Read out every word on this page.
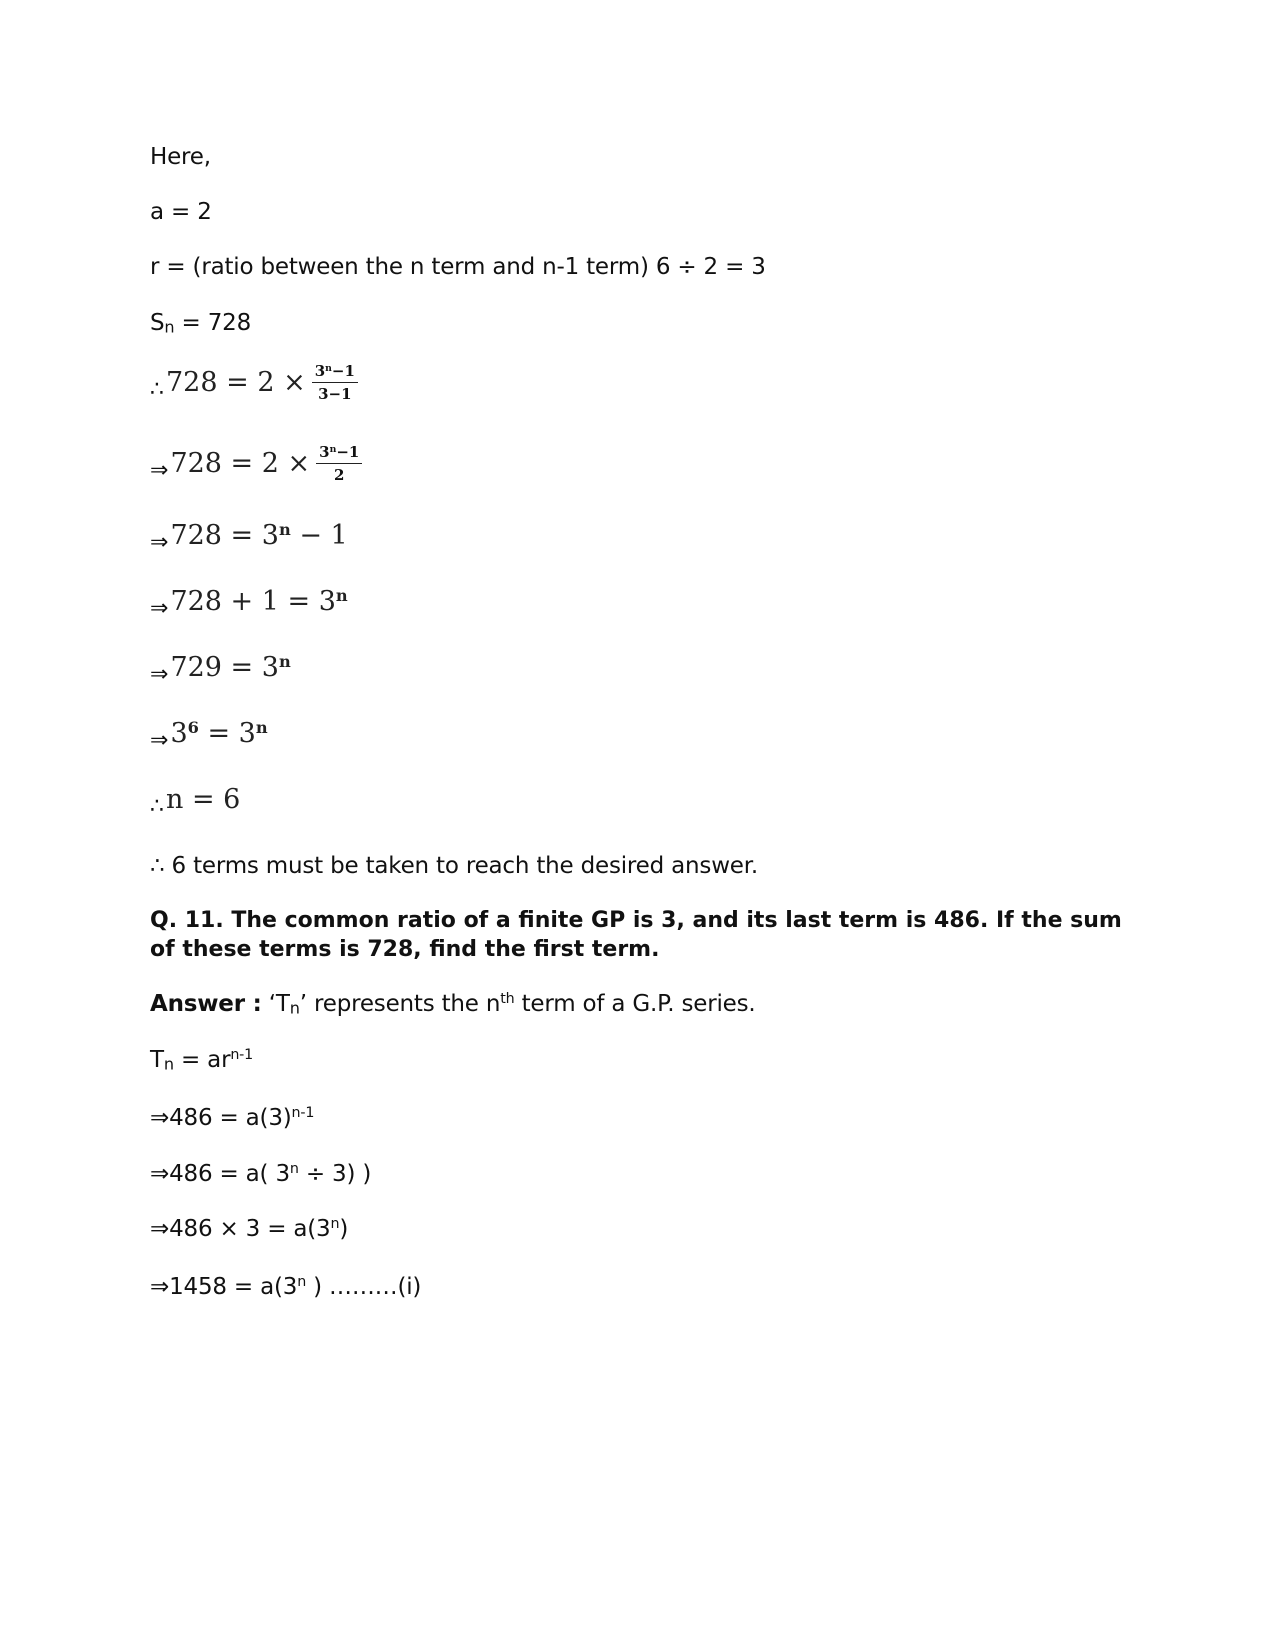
Here,
a = 2
r = (ratio between the n term and n-1 term) 6 ÷ 2 = 3
$S_n = 728$
∴728 = $2 \times \frac{3^n-1}{3-1}$
⇒728 = $2 \times \frac{3^n-1}{2}$
⇒728 = $3^n - 1$
⇒728 + $1 = 3^n$
⇒729 = $3^n$
$\Rightarrow 3^6 = 3^n$
∴n = 6
∴ 6 terms must be taken to reach the desired answer.
Q. 11. The common ratio of a finite GP is 3, and its last term is 486. If the sum of these terms is 728, find the first term.
Answer : ‘$T_n$’ represents the $n^{th}$ term of a G.P. series.
$T_n = ar^{n-1}$
⇒486 = $a(3)^{n-1}$
⇒486 = a( $3^n \div 3$) )
⇒486 × $3 = a(3^n)$
⇒1458 = $a(3^n$ ) ………(i)
